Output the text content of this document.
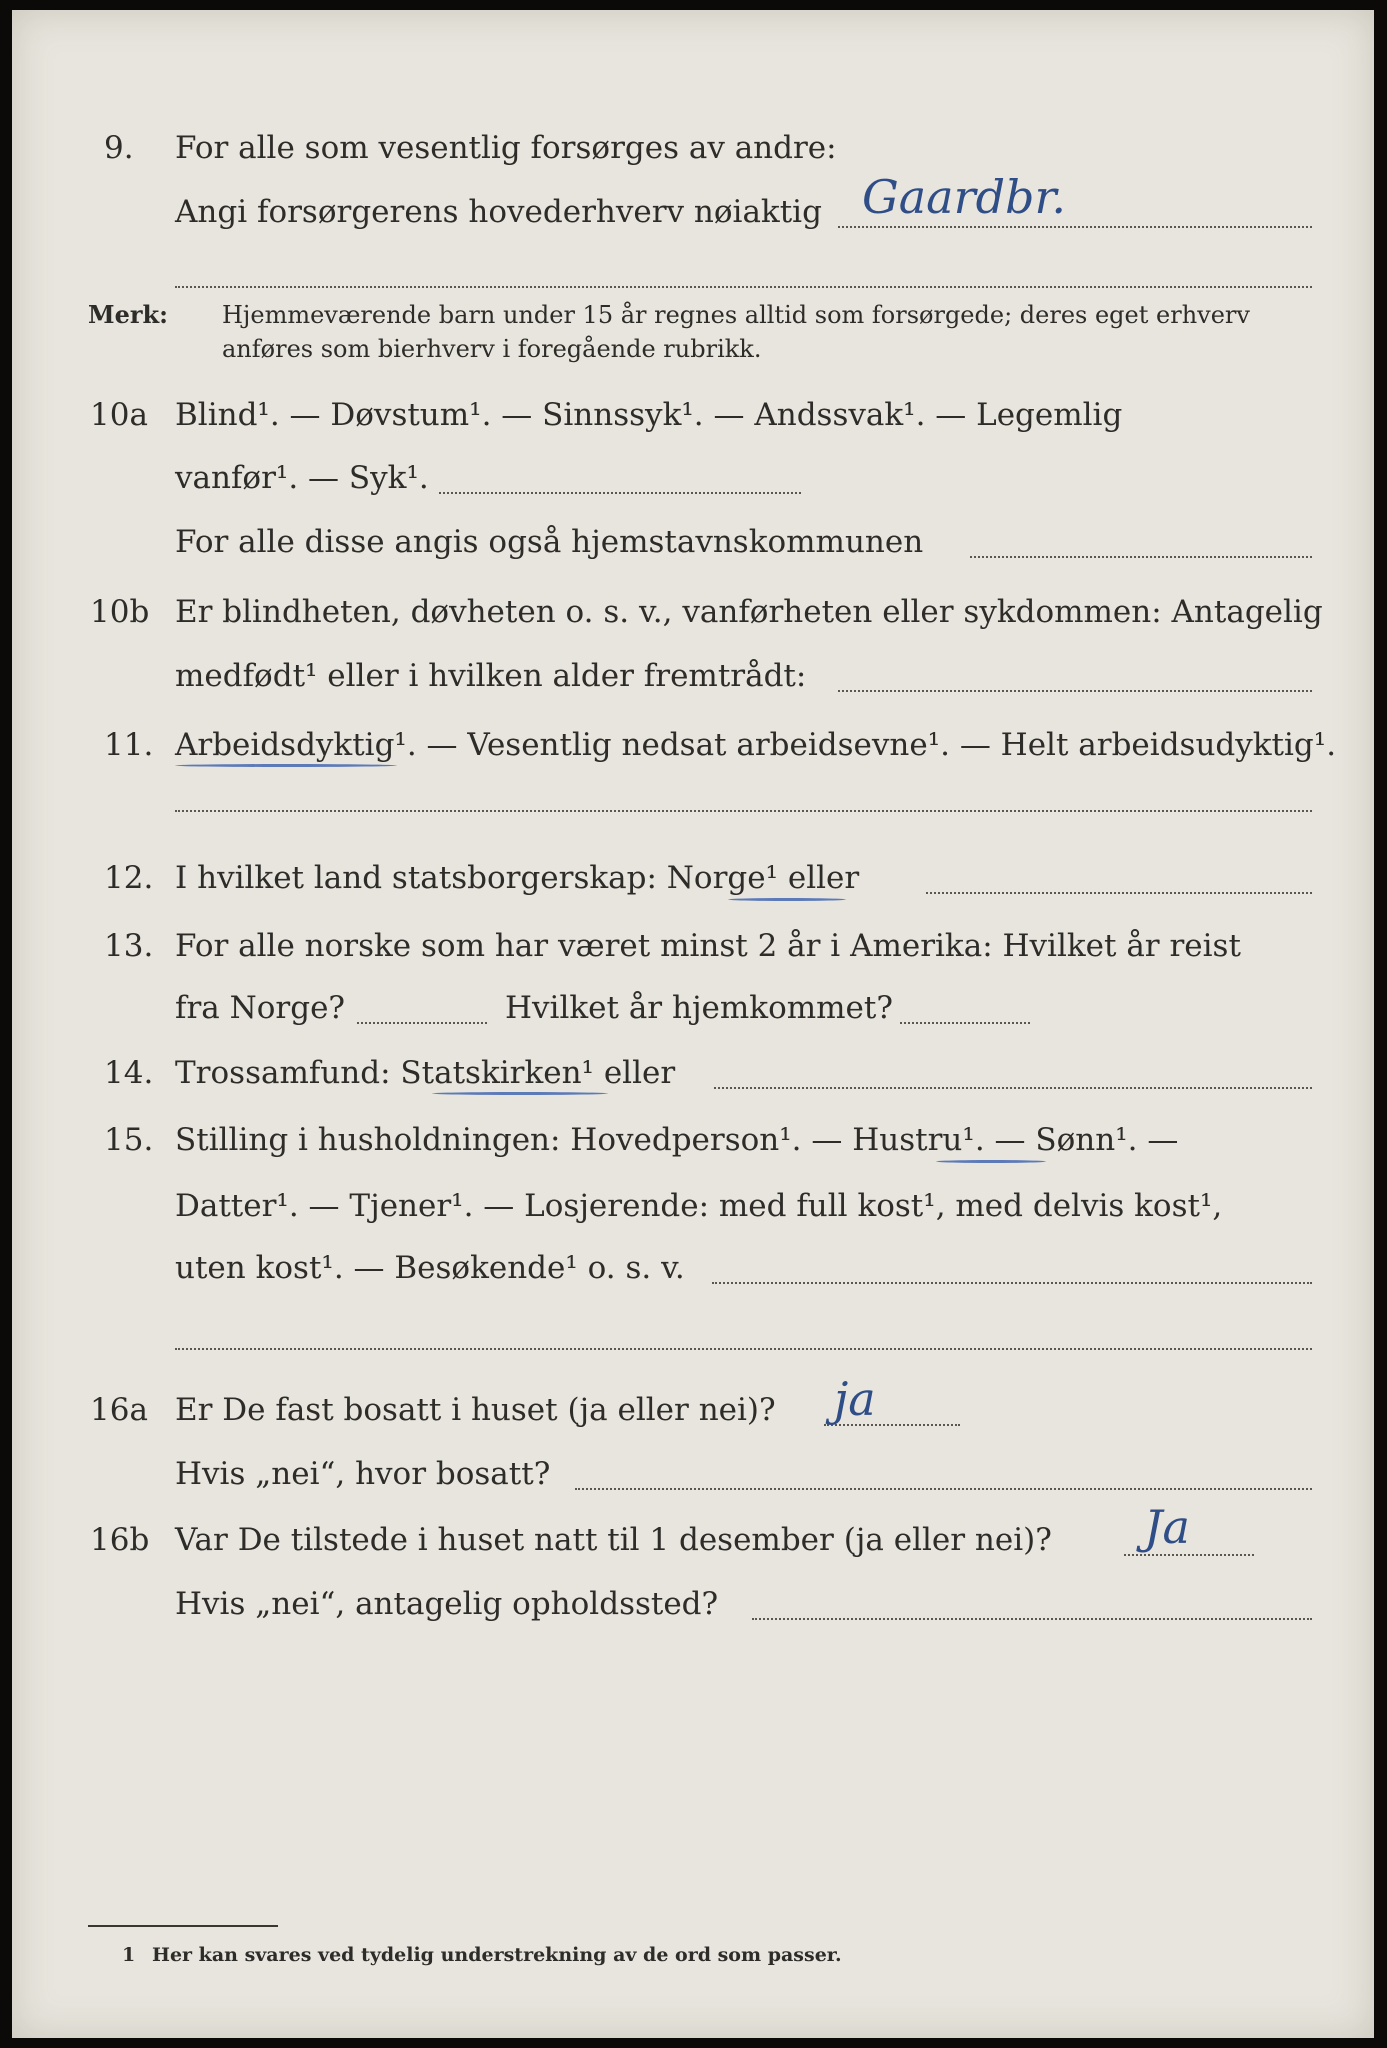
9. For alle som vesentlig forsørges av andre:
Angi forsørgerens hovederhverv nøiaktig Gaardbr.
Merk: Hjemmeværende barn under 15 år regnes alltid som forsørgede; deres eget erhverv
anføres som bierhverv i foregående rubrikk.
10a Blind¹. — Døvstum¹. — Sinnssyk¹. — Andssvak¹. — Legemlig
vanfør¹. — Syk¹.
For alle disse angis også hjemstavnskommunen
10b Er blindheten, døvheten o. s. v., vanførheten eller sykdommen: Antagelig
medfødt¹ eller i hvilken alder fremtrådt:
11. Arbeidsdyktig¹. — Vesentlig nedsat arbeidsevne¹. — Helt arbeidsudyktig¹.
12. I hvilket land statsborgerskap: Norge¹ eller
13. For alle norske som har været minst 2 år i Amerika: Hvilket år reist
fra Norge?	Hvilket år hjemkommet?
14. Trossamfund: Statskirken¹ eller
15. Stilling i husholdningen: Hovedperson¹. — Hustru¹. — Sønn¹. —
Datter¹. — Tjener¹. — Losjerende: med full kost¹, med delvis kost¹,
uten kost¹. — Besøkende¹ o. s. v.
16a Er De fast bosatt i huset (ja eller nei)? ja
Hvis „nei“, hvor bosatt?
16b Var De tilstede i huset natt til 1 desember (ja eller nei)? Ja
Hvis „nei“, antagelig opholdssted?
1 Her kan svares ved tydelig understrekning av de ord som passer.
